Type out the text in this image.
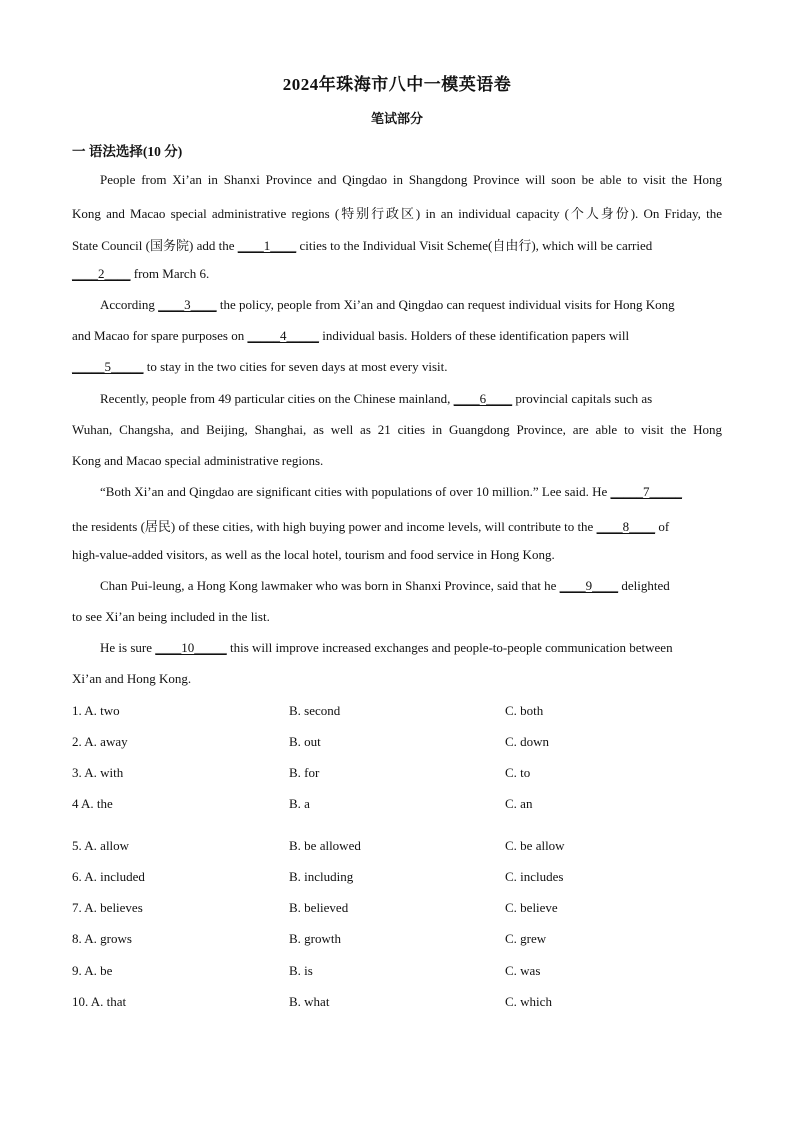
2024年珠海市八中一模英语卷
笔试部分
一 语法选择(10 分)
People from Xi’an in Shanxi Province and Qingdao in Shangdong Province will soon be able to visit the Hong
Kong and Macao special administrative regions (特别行政区) in an individual capacity (个人身份). On Friday, the
State Council (国务院) add the ____1____ cities to the Individual Visit Scheme(自由行), which will be carried
____2____ from March 6.
According ____3____ the policy, people from Xi’an and Qingdao can request individual visits for Hong Kong
and Macao for spare purposes on _____4_____ individual basis. Holders of these identification papers will
_____5_____ to stay in the two cities for seven days at most every visit.
Recently, people from 49 particular cities on the Chinese mainland, ____6____ provincial capitals such as
Wuhan, Changsha, and Beijing, Shanghai, as well as 21 cities in Guangdong Province, are able to visit the Hong
Kong and Macao special administrative regions.
“Both Xi’an and Qingdao are significant cities with populations of over 10 million.” Lee said. He _____7_____
the residents (居民) of these cities, with high buying power and income levels, will contribute to the ____8____ of
high-value-added visitors, as well as the local hotel, tourism and food service in Hong Kong.
Chan Pui-leung, a Hong Kong lawmaker who was born in Shanxi Province, said that he ____9____ delighted
to see Xi’an being included in the list.
He is sure ____10_____ this will improve increased exchanges and people-to-people communication between
Xi’an and Hong Kong.
1. A. two	B. second	C. both
2. A. away	B. out	C. down
3. A. with	B. for	C. to
4 A. the	B. a	C. an
5. A. allow	B. be allowed	C. be allow
6. A. included	B. including	C. includes
7. A. believes	B. believed	C. believe
8. A. grows	B. growth	C. grew
9. A. be	B. is	C. was
10. A. that	B. what	C. which
